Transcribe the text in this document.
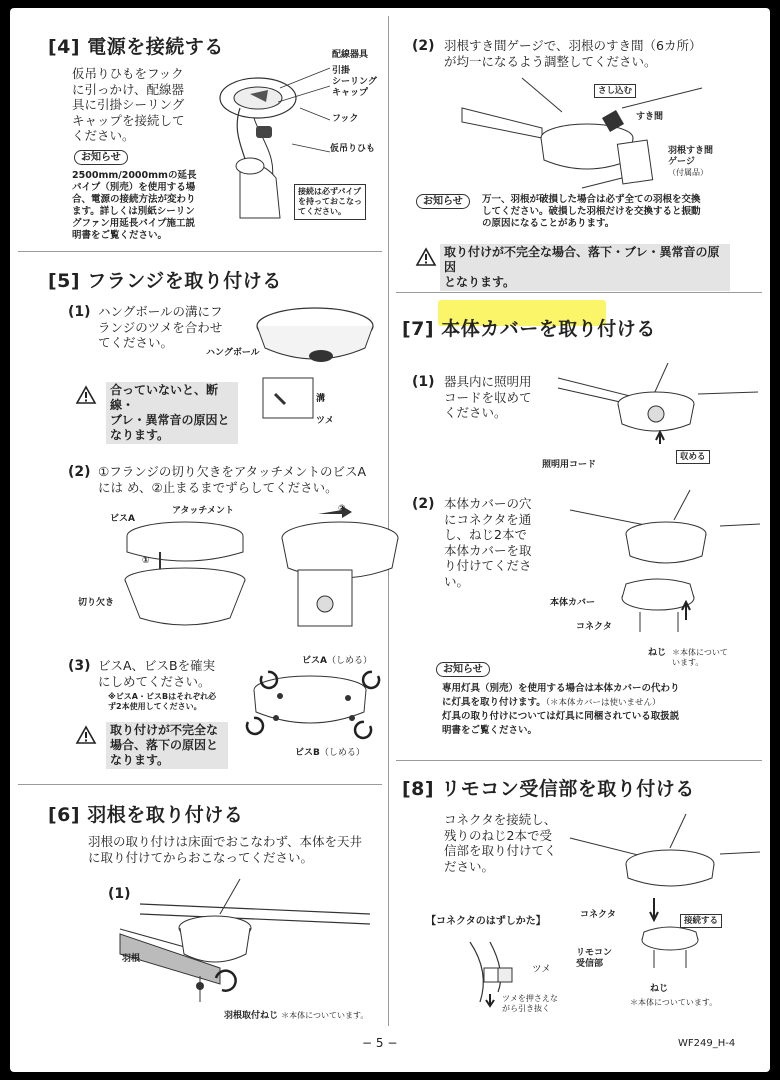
[4] 電源を接続する
仮吊りひもをフック
に引っかけ、配線器
具に引掛シーリング
キャップを接続して
ください。
お知らせ
2500mm/2000mmの延長
パイプ（別売）を使用する場
合、電源の接続方法が変わり
ます。詳しくは別紙シーリン
グファン用延長パイプ施工説
明書をご覧ください。
配線器具
引掛
シーリング
キャップ
フック
仮吊りひも
接続は必ずパイプ
を持っておこなっ
てください。
[5] フランジを取り付ける
(1) ハングボールの溝にフ
ランジのツメを合わせ
てください。
ハングボール
溝
ツメ
合っていないと、断線・
ブレ・異常音の原因と
なります。
(2) ①フランジの切り欠きをアタッチメントのビスA
には め、②止まるまでずらしてください。
アタッチメント
ビスA
切り欠き
①
②
(3) ビスA、ビスBを確実
にしめてください。
※ビスA・ビスBはそれぞれ必
ず2本使用してください。
ビスA（しめる）
ビスB（しめる）
取り付けが不完全な
場合、落下の原因と
なります。
[6] 羽根を取り付ける
羽根の取り付けは床面でおこなわず、本体を天井
に取り付けてからおこなってください。
(1)
羽根
羽根取付ねじ ＊本体についています。
(2) 羽根すき間ゲージで、羽根のすき間（6カ所）
が均一になるよう調整してください。
さし込む
すき間
羽根すき間
ゲージ
（付属品）
お知らせ	万一、羽根が破損した場合は必ず全ての羽根を交換
してください。破損した羽根だけを交換すると振動
の原因になることがあります。
取り付けが不完全な場合、落下・ブレ・異常音の原因
となります。
[7] 本体カバーを取り付ける
(1) 器具内に照明用
コードを収めて
ください。
照明用コード
収める
(2) 本体カバーの穴
にコネクタを通
し、ねじ2本で
本体カバーを取
り付けてくださ
い。
本体カバー
コネクタ
ねじ ＊本体について
います。
お知らせ
専用灯具（別売）を使用する場合は本体カバーの代わり
に灯具を取り付けます。（＊本体カバーは使いません）
灯具の取り付けについては灯具に同梱されている取扱説
明書をご覧ください。
[8] リモコン受信部を取り付ける
コネクタを接続し、
残りのねじ2本で受
信部を取り付けてく
ださい。
【コネクタのはずしかた】
ツメ
ツメを押さえな
がら引き抜く
コネクタ
接続する
リモコン
受信部
ねじ
＊本体についています。
− 5 −	WF249_H-4
